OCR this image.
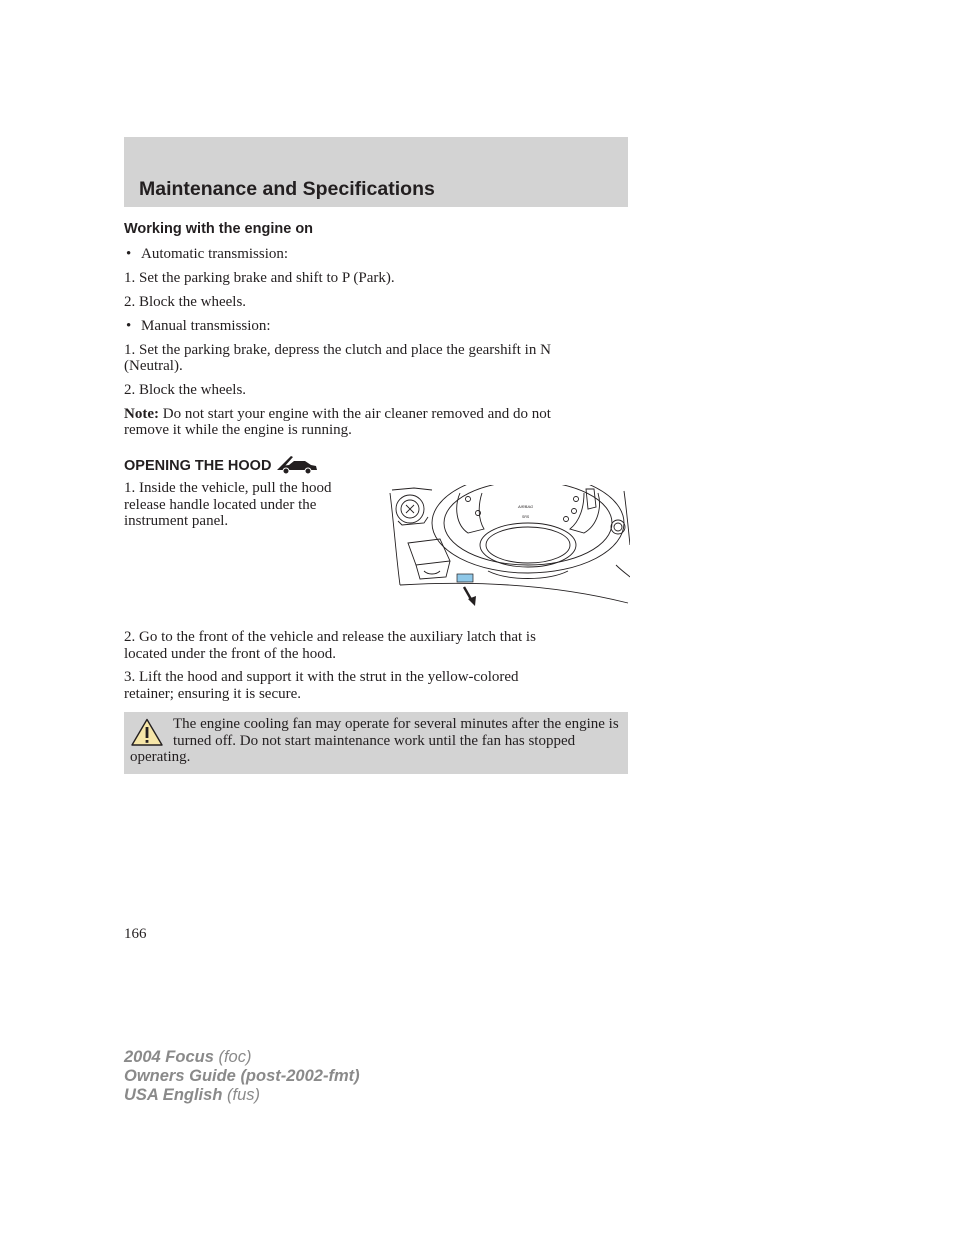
Maintenance and Specifications
Working with the engine on
• Automatic transmission:
1. Set the parking brake and shift to P (Park).
2. Block the wheels.
• Manual transmission:
1. Set the parking brake, depress the clutch and place the gearshift in N
(Neutral).
2. Block the wheels.
Note: Do not start your engine with the air cleaner removed and do not
remove it while the engine is running.
OPENING THE HOOD
1. Inside the vehicle, pull the hood
release handle located under the
instrument panel.
AIRBAG
SRS
2. Go to the front of the vehicle and release the auxiliary latch that is
located under the front of the hood.
3. Lift the hood and support it with the strut in the yellow-colored
retainer; ensuring it is secure.
The engine cooling fan may operate for several minutes after the engine is turned off. Do not start maintenance work until the fan has stopped operating.
166
2004 Focus (foc)
Owners Guide (post-2002-fmt)
USA English (fus)
